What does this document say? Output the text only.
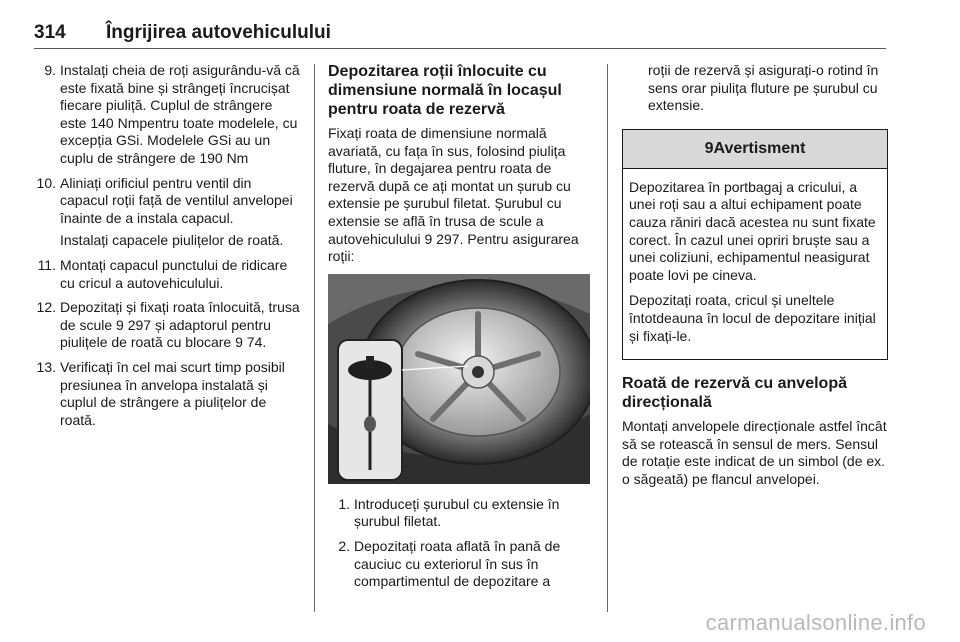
314 Îngrijirea autovehiculului
9. Instalați cheia de roți asigurându-vă că este fixată bine și strângeți încrucișat fiecare piuliță. Cuplul de strângere este 140 Nmpentru toate modelele, cu excepția GSi. Modelele GSi au un cuplu de strângere de 190 Nm

10. Aliniați orificiul pentru ventil din capacul roții față de ventilul anvelopei înainte de a instala capacul.

Instalați capacele piulițelor de roată.

11. Montați capacul punctului de ridicare cu cricul a autovehiculului.

12. Depozitați și fixați roata înlocuită, trusa de scule 9 297 și adaptorul pentru piulițele de roată cu blocare 9 74.

13. Verificați în cel mai scurt timp posibil presiunea în anvelopa instalată și cuplul de strângere a piulițelor de roată.

Depozitarea roții înlocuite cu dimensiune normală în locașul pentru roata de rezervă

Fixați roata de dimensiune normală avariată, cu fața în sus, folosind piulița fluture, în degajarea pentru roata de rezervă după ce ați montat un șurub cu extensie pe șurubul filetat. Șurubul cu extensie se află în trusa de scule a autovehiculului 9 297. Pentru asigurarea roții:

1. Introduceți șurubul cu extensie în șurubul filetat.

2. Depozitați roata aflată în pană de cauciuc cu exteriorul în sus în compartimentul de depozitare a

roții de rezervă și asigurați-o rotind în sens orar piulița fluture pe șurubul cu extensie.

9Avertisment

Depozitarea în portbagaj a cricului, a unei roți sau a altui echipament poate cauza răniri dacă acestea nu sunt fixate corect. În cazul unei opriri bruște sau a unei coliziuni, echipamentul neasigurat poate lovi pe cineva.

Depozitați roata, cricul și uneltele întotdeauna în locul de depozitare inițial și fixați-le.

Roată de rezervă cu anvelopă direcțională

Montați anvelopele direcționale astfel încât să se rotească în sensul de mers. Sensul de rotație este indicat de un simbol (de ex. o săgeată) pe flancul anvelopei.

carmanualsonline.info
